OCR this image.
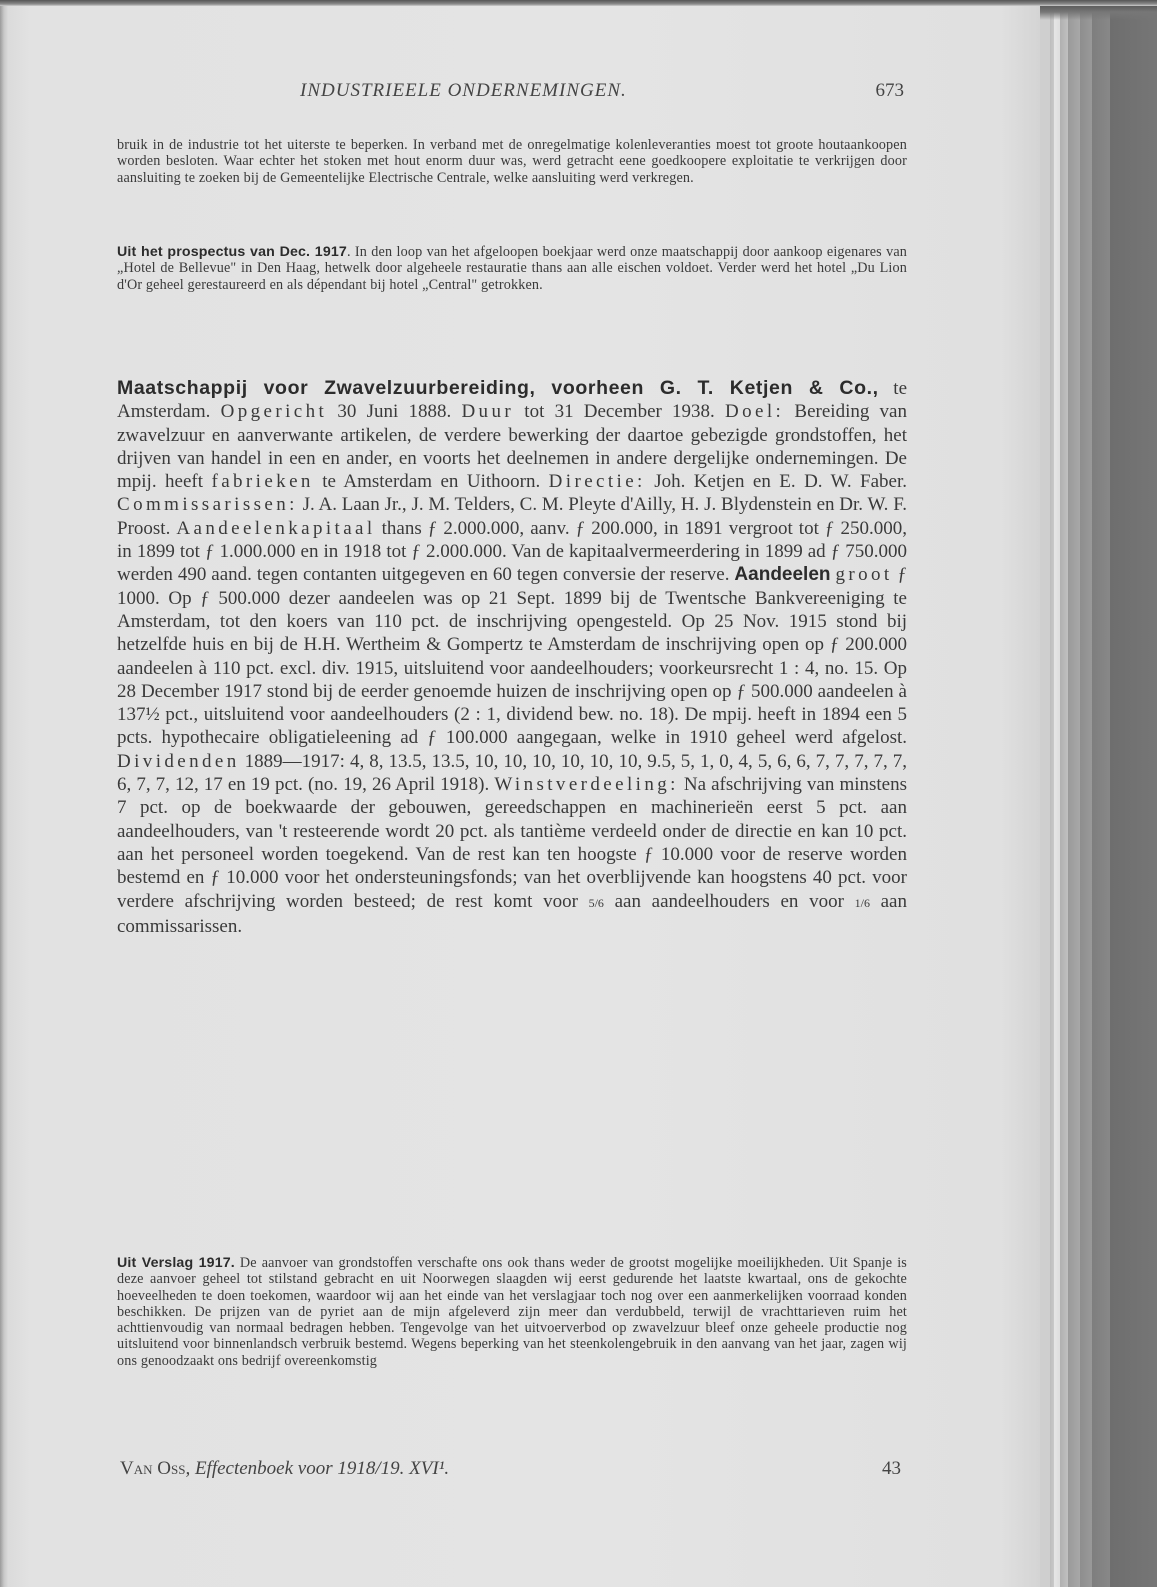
INDUSTRIEELE ONDERNEMINGEN.	673
bruik in de industrie tot het uiterste te beperken. In verband met de onregelmatige kolenleveranties moest tot groote houtaankoopen worden besloten. Waar echter het stoken met hout enorm duur was, werd getracht eene goedkoopere exploitatie te verkrijgen door aansluiting te zoeken bij de Gemeentelijke Electrische Centrale, welke aansluiting werd verkregen.
Uit het prospectus van Dec. 1917. In den loop van het afgeloopen boekjaar werd onze maatschappij door aankoop eigenares van „Hotel de Bellevue" in Den Haag, hetwelk door algeheele restauratie thans aan alle eischen voldoet. Verder werd het hotel „Du Lion d'Or geheel gerestaureerd en als dépendant bij hotel „Central" getrokken.
Maatschappij voor Zwavelzuurbereiding, voorheen G. T. Ketjen & Co., te Amsterdam. Opgericht 30 Juni 1888. Duur tot 31 December 1938. Doel: Bereiding van zwavelzuur en aanverwante artikelen, de verdere bewerking der daartoe gebezigde grondstoffen, het drijven van handel in een en ander, en voorts het deelnemen in andere dergelijke ondernemingen. De mpij. heeft fabrieken te Amsterdam en Uithoorn. Directie: Joh. Ketjen en E. D. W. Faber. Commissarissen: J. A. Laan Jr., J. M. Telders, C. M. Pleyte d'Ailly, H. J. Blydenstein en Dr. W. F. Proost. Aandeelenkapitaal thans ƒ 2.000.000, aanv. ƒ 200.000, in 1891 vergroot tot ƒ 250.000, in 1899 tot ƒ 1.000.000 en in 1918 tot ƒ 2.000.000. Van de kapitaalvermeerdering in 1899 ad ƒ 750.000 werden 490 aand. tegen contanten uitgegeven en 60 tegen conversie der reserve. Aandeelen groot ƒ 1000. Op ƒ 500.000 dezer aandeelen was op 21 Sept. 1899 bij de Twentsche Bankvereeniging te Amsterdam, tot den koers van 110 pct. de inschrijving opengesteld. Op 25 Nov. 1915 stond bij hetzelfde huis en bij de H.H. Wertheim & Gompertz te Amsterdam de inschrijving open op ƒ 200.000 aandeelen à 110 pct. excl. div. 1915, uitsluitend voor aandeelhouders; voorkeursrecht 1 : 4, no. 15. Op 28 December 1917 stond bij de eerder genoemde huizen de inschrijving open op ƒ 500.000 aandeelen à 137½ pct., uitsluitend voor aandeelhouders (2 : 1, dividend bew. no. 18). De mpij. heeft in 1894 een 5 pcts. hypothecaire obligatieleening ad ƒ 100.000 aangegaan, welke in 1910 geheel werd afgelost. Dividenden 1889—1917: 4, 8, 13.5, 13.5, 10, 10, 10, 10, 10, 10, 9.5, 5, 1, 0, 4, 5, 6, 6, 7, 7, 7, 7, 7, 6, 7, 7, 12, 17 en 19 pct. (no. 19, 26 April 1918). Winstverdeeling: Na afschrijving van minstens 7 pct. op de boekwaarde der gebouwen, gereedschappen en machinerieën eerst 5 pct. aan aandeelhouders, van 't resteerende wordt 20 pct. als tantième verdeeld onder de directie en kan 10 pct. aan het personeel worden toegekend. Van de rest kan ten hoogste ƒ 10.000 voor de reserve worden bestemd en ƒ 10.000 voor het ondersteuningsfonds; van het overblijvende kan hoogstens 40 pct. voor verdere afschrijving worden besteed; de rest komt voor 5/6 aan aandeelhouders en voor 1/6 aan commissarissen.
Uit Verslag 1917. De aanvoer van grondstoffen verschafte ons ook thans weder de grootst mogelijke moeilijkheden. Uit Spanje is deze aanvoer geheel tot stilstand gebracht en uit Noorwegen slaagden wij eerst gedurende het laatste kwartaal, ons de gekochte hoeveelheden te doen toekomen, waardoor wij aan het einde van het verslagjaar toch nog over een aanmerkelijken voorraad konden beschikken. De prijzen van de pyriet aan de mijn afgeleverd zijn meer dan verdubbeld, terwijl de vrachttarieven ruim het achttienvoudig van normaal bedragen hebben. Tengevolge van het uitvoerverbod op zwavelzuur bleef onze geheele productie nog uitsluitend voor binnenlandsch verbruik bestemd. Wegens beperking van het steenkolengebruik in den aanvang van het jaar, zagen wij ons genoodzaakt ons bedrijf overeenkomstig
Van Oss, Effectenboek voor 1918/19. XVI¹.	43
